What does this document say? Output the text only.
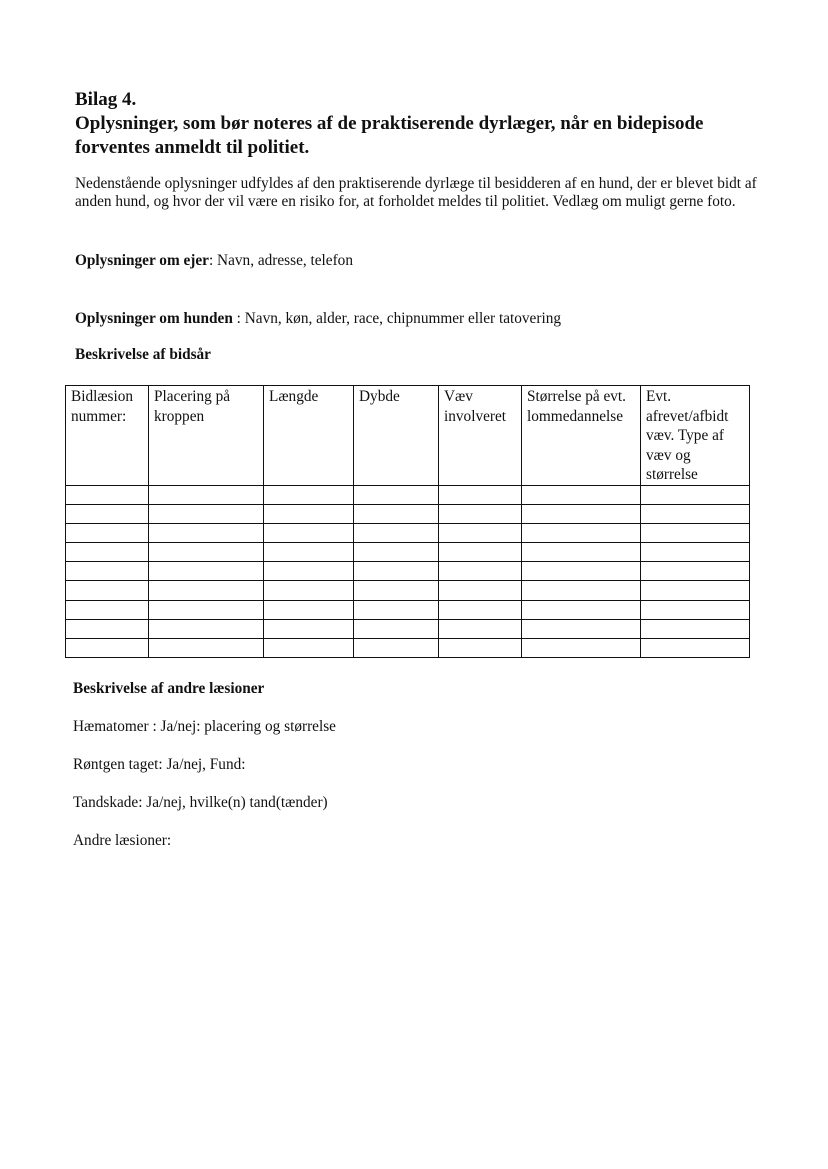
Bilag 4.
Oplysninger, som bør noteres af de praktiserende dyrlæger, når en bidepisode forventes anmeldt til politiet.
Nedenstående oplysninger udfyldes af den praktiserende dyrlæge til besidderen af en hund, der er blevet bidt af anden hund, og hvor der vil være en risiko for, at forholdet meldes til politiet. Vedlæg om muligt gerne foto.
Oplysninger om ejer: Navn, adresse, telefon
Oplysninger om hunden : Navn, køn, alder, race, chipnummer eller tatovering
Beskrivelse af bidsår
Bidlæsion nummer:	Placering på kroppen	Længde	Dybde	Væv involveret	Størrelse på evt. lommedannelse	Evt. afrevet/afbidt væv. Type af væv og størrelse

Beskrivelse af andre læsioner
Hæmatomer : Ja/nej: placering og størrelse
Røntgen taget: Ja/nej, Fund:
Tandskade: Ja/nej, hvilke(n) tand(tænder)
Andre læsioner:
